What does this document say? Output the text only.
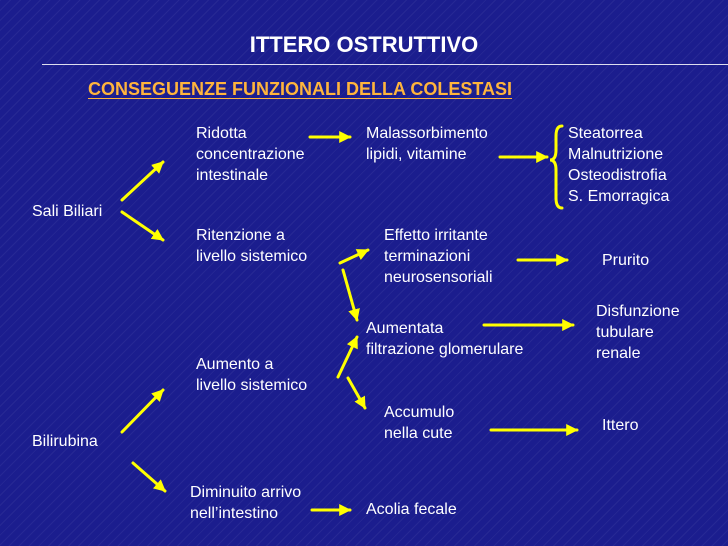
ITTERO OSTRUTTIVO
CONSEGUENZE FUNZIONALI DELLA COLESTASI
Sali Biliari
Bilirubina
Ridotta
concentrazione
intestinale
Malassorbimento
lipidi, vitamine
Steatorrea
Malnutrizione
Osteodistrofia
S. Emorragica
Ritenzione a
livello sistemico
Effetto irritante
terminazioni
neurosensoriali
Prurito
Aumentata
filtrazione glomerulare
Disfunzione
tubulare
renale
Aumento a
livello sistemico
Accumulo
nella cute	Ittero
Diminuito arrivo
nell’intestino	Acolia fecale
